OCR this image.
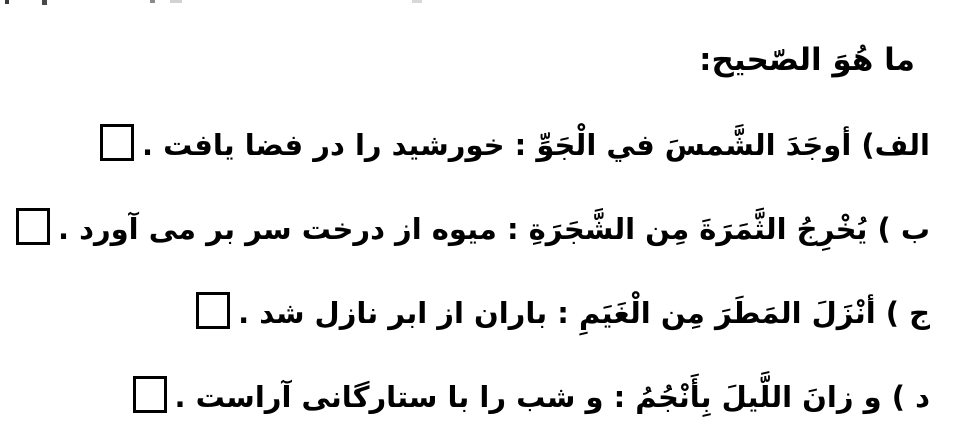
ما هُوَ الصّحيح:
الف) أوجَدَ الشَّمسَ في الْجَوِّ : خورشيد را در فضا يافت .
ب ) يُخْرِجُ الثَّمَرَةَ مِن الشَّجَرَةِ : ميوه از درخت سر بر مى آورد .
ج ) أنْزَلَ المَطَرَ مِن الْغَيَمِ : باران از ابر نازل شد .
د ) و زانَ اللَّيلَ بِأَنْجُمُ : و شب را با ستارگانى آراست .
